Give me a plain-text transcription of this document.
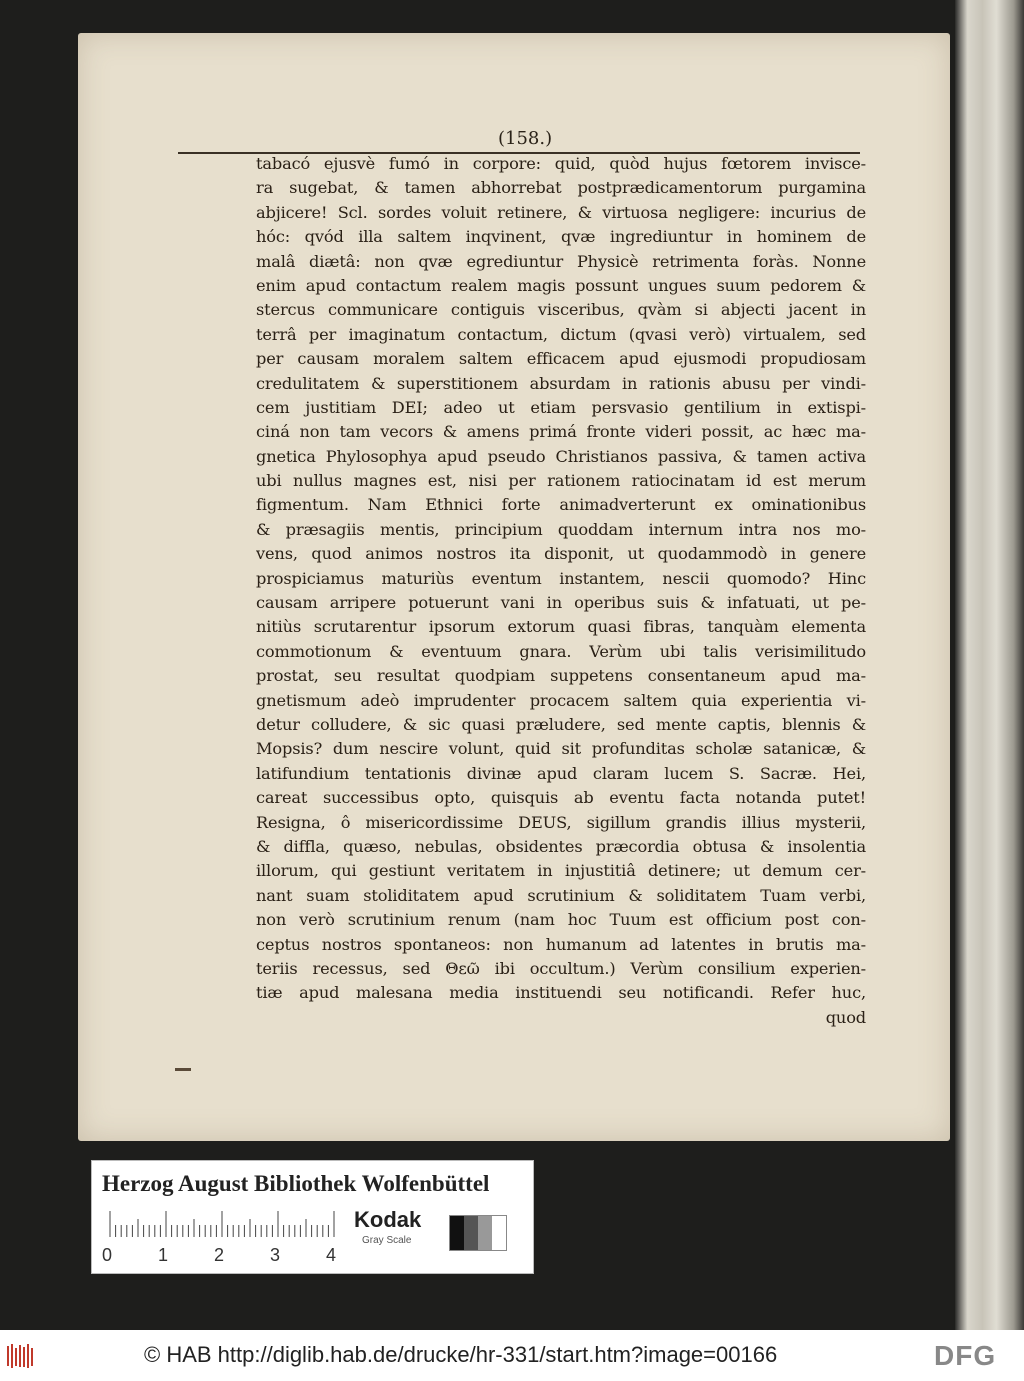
(158.)
tabacó ejusvè fumó in corpore: quid, quòd hujus fœtorem invisce-
ra sugebat, & tamen abhorrebat postprædicamentorum purgamina
abjicere! Scl. sordes voluit retinere, & virtuosa negligere: incurius de
hóc: qvód illa saltem inqvinent, qvæ ingrediuntur in hominem de
malâ diætâ: non qvæ egrediuntur Physicè retrimenta foràs. Nonne
enim apud contactum realem magis possunt ungues suum pedorem &
stercus communicare contiguis visceribus, qvàm si abjecti jacent in
terrâ per imaginatum contactum, dictum (qvasi verò) virtualem, sed
per causam moralem saltem efficacem apud ejusmodi propudiosam
credulitatem & superstitionem absurdam in rationis abusu per vindi-
cem justitiam DEI; adeo ut etiam persvasio gentilium in extispi-
ciná non tam vecors & amens primá fronte videri possit, ac hæc ma-
gnetica Phylosophya apud pseudo Christianos passiva, & tamen activa
ubi nullus magnes est, nisi per rationem ratiocinatam id est merum
figmentum. Nam Ethnici forte animadverterunt ex ominationibus
& præsagiis mentis, principium quoddam internum intra nos mo-
vens, quod animos nostros ita disponit, ut quodammodò in genere
prospiciamus maturiùs eventum instantem, nescii quomodo? Hinc
causam arripere potuerunt vani in operibus suis & infatuati, ut pe-
nitiùs scrutarentur ipsorum extorum quasi fibras, tanquàm elementa
commotionum & eventuum gnara. Verùm ubi talis verisimilitudo
prostat, seu resultat quodpiam suppetens consentaneum apud ma-
gnetismum adeò imprudenter procacem saltem quia experientia vi-
detur colludere, & sic quasi præludere, sed mente captis, blennis &
Mopsis? dum nescire volunt, quid sit profunditas scholæ satanicæ, &
latifundium tentationis divinæ apud claram lucem S. Sacræ. Hei,
careat successibus opto, quisquis ab eventu facta notanda putet!
Resigna, ô misericordissime DEUS, sigillum grandis illius mysterii,
& diffla, quæso, nebulas, obsidentes præcordia obtusa & insolentia
illorum, qui gestiunt veritatem in injustitiâ detinere; ut demum cer-
nant suam stoliditatem apud scrutinium & soliditatem Tuam verbi,
non verò scrutinium renum (nam hoc Tuum est officium post con-
ceptus nostros spontaneos: non humanum ad latentes in brutis ma-
teriis recessus, sed Θεῶ ibi occultum.) Verùm consilium experien-
tiæ apud malesana media instituendi seu notificandi. Refer huc,
quod
Herzog August Bibliothek Wolfenbüttel
0	1	2	3	4
Kodak
Gray Scale
© HAB http://diglib.hab.de/drucke/hr-331/start.htm?image=00166	DFG
